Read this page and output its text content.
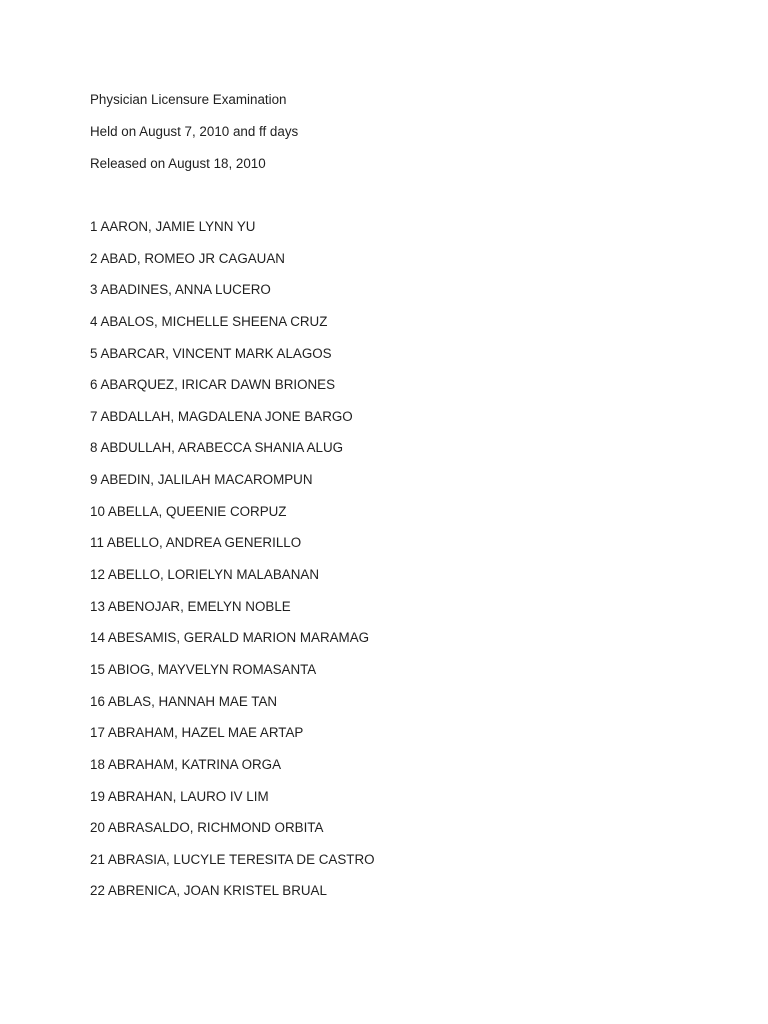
Physician Licensure Examination
Held on August 7, 2010 and ff days
Released on August 18, 2010
1 AARON, JAMIE LYNN YU
2 ABAD, ROMEO JR CAGAUAN
3 ABADINES, ANNA LUCERO
4 ABALOS, MICHELLE SHEENA CRUZ
5 ABARCAR, VINCENT MARK ALAGOS
6 ABARQUEZ, IRICAR DAWN BRIONES
7 ABDALLAH, MAGDALENA JONE BARGO
8 ABDULLAH, ARABECCA SHANIA ALUG
9 ABEDIN, JALILAH MACAROMPUN
10 ABELLA, QUEENIE CORPUZ
11 ABELLO, ANDREA GENERILLO
12 ABELLO, LORIELYN MALABANAN
13 ABENOJAR, EMELYN NOBLE
14 ABESAMIS, GERALD MARION MARAMAG
15 ABIOG, MAYVELYN ROMASANTA
16 ABLAS, HANNAH MAE TAN
17 ABRAHAM, HAZEL MAE ARTAP
18 ABRAHAM, KATRINA ORGA
19 ABRAHAN, LAURO IV LIM
20 ABRASALDO, RICHMOND ORBITA
21 ABRASIA, LUCYLE TERESITA DE CASTRO
22 ABRENICA, JOAN KRISTEL BRUAL
